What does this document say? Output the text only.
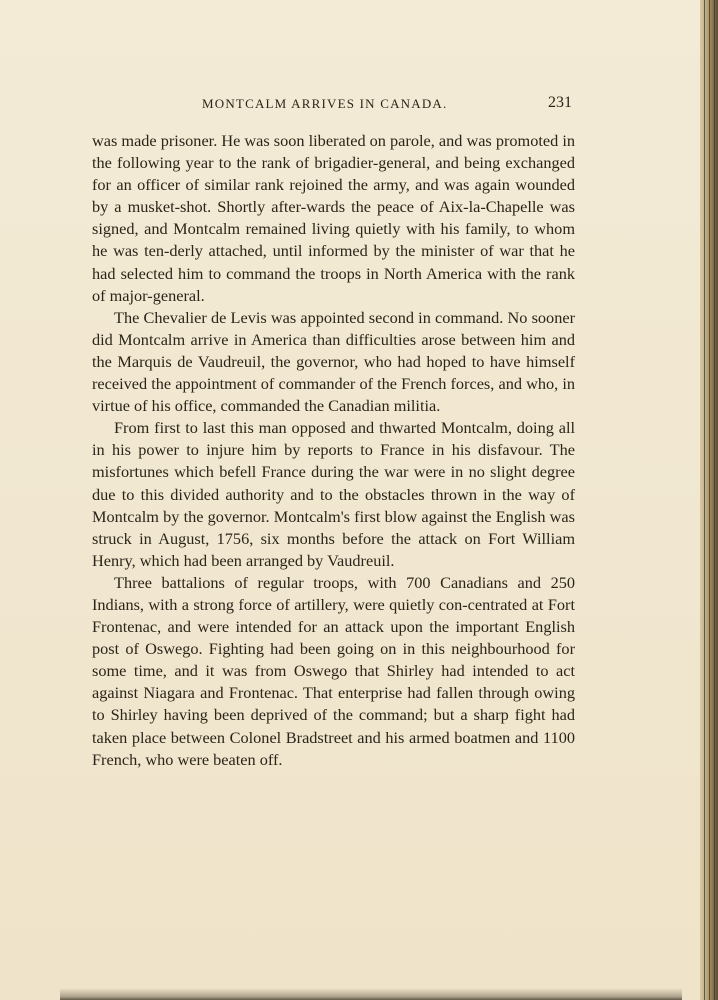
MONTCALM ARRIVES IN CANADA.	231

was made prisoner. He was soon liberated on parole, and was promoted in the following year to the rank of brigadier-general, and being exchanged for an officer of similar rank rejoined the army, and was again wounded by a musket-shot. Shortly after-wards the peace of Aix-la-Chapelle was signed, and Montcalm remained living quietly with his family, to whom he was ten-derly attached, until informed by the minister of war that he had selected him to command the troops in North America with the rank of major-general.

The Chevalier de Levis was appointed second in command. No sooner did Montcalm arrive in America than difficulties arose between him and the Marquis de Vaudreuil, the governor, who had hoped to have himself received the appointment of commander of the French forces, and who, in virtue of his office, commanded the Canadian militia.

From first to last this man opposed and thwarted Montcalm, doing all in his power to injure him by reports to France in his disfavour. The misfortunes which befell France during the war were in no slight degree due to this divided authority and to the obstacles thrown in the way of Montcalm by the governor. Montcalm's first blow against the English was struck in August, 1756, six months before the attack on Fort William Henry, which had been arranged by Vaudreuil.

Three battalions of regular troops, with 700 Canadians and 250 Indians, with a strong force of artillery, were quietly con-centrated at Fort Frontenac, and were intended for an attack upon the important English post of Oswego. Fighting had been going on in this neighbourhood for some time, and it was from Oswego that Shirley had intended to act against Niagara and Frontenac. That enterprise had fallen through owing to Shirley having been deprived of the command; but a sharp fight had taken place between Colonel Bradstreet and his armed boatmen and 1100 French, who were beaten off.
